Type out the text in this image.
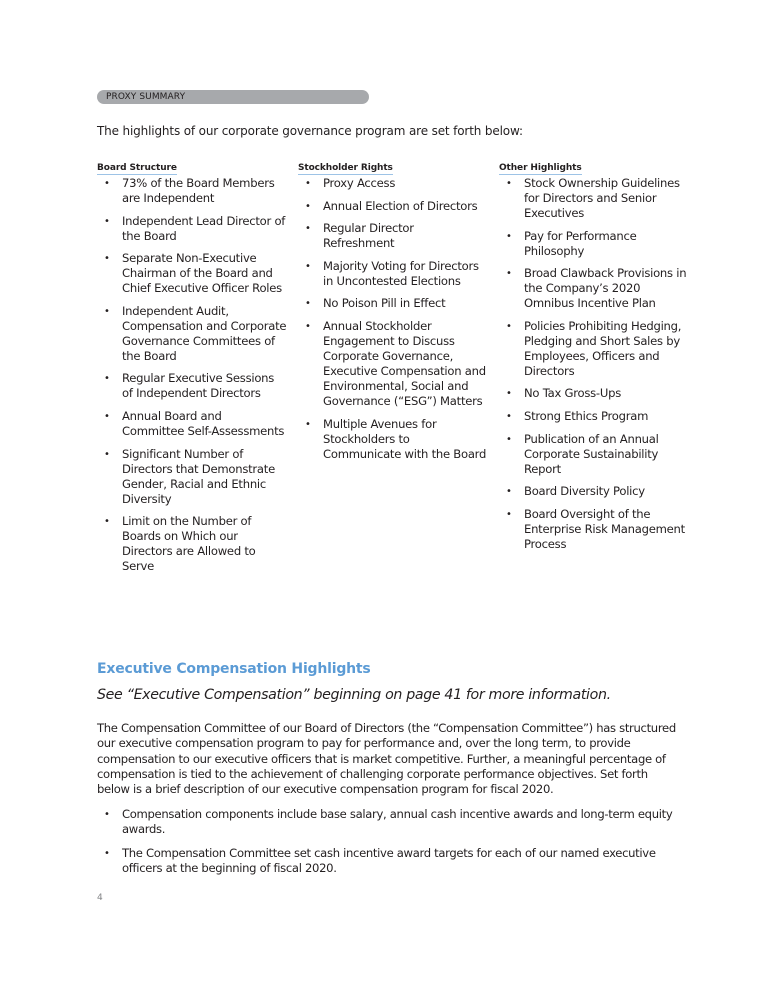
PROXY SUMMARY

The highlights of our corporate governance program are set forth below:

Board Structure
• 73% of the Board Members are Independent
• Independent Lead Director of the Board
• Separate Non-Executive Chairman of the Board and Chief Executive Officer Roles
• Independent Audit, Compensation and Corporate Governance Committees of the Board
• Regular Executive Sessions of Independent Directors
• Annual Board and Committee Self-Assessments
• Significant Number of Directors that Demonstrate Gender, Racial and Ethnic Diversity
• Limit on the Number of Boards on Which our Directors are Allowed to Serve
Stockholder Rights
• Proxy Access
• Annual Election of Directors
• Regular Director Refreshment
• Majority Voting for Directors in Uncontested Elections
• No Poison Pill in Effect
• Annual Stockholder Engagement to Discuss Corporate Governance, Executive Compensation and Environmental, Social and Governance (“ESG”) Matters
• Multiple Avenues for Stockholders to Communicate with the Board
Other Highlights
• Stock Ownership Guidelines for Directors and Senior Executives
• Pay for Performance Philosophy
• Broad Clawback Provisions in the Company’s 2020 Omnibus Incentive Plan
• Policies Prohibiting Hedging, Pledging and Short Sales by Employees, Officers and Directors
• No Tax Gross-Ups
• Strong Ethics Program
• Publication of an Annual Corporate Sustainability Report
• Board Diversity Policy
• Board Oversight of the Enterprise Risk Management Process
Executive Compensation Highlights

See “Executive Compensation” beginning on page 41 for more information.

The Compensation Committee of our Board of Directors (the “Compensation Committee”) has structured our executive compensation program to pay for performance and, over the long term, to provide compensation to our executive officers that is market competitive. Further, a meaningful percentage of compensation is tied to the achievement of challenging corporate performance objectives. Set forth below is a brief description of our executive compensation program for fiscal 2020.

• Compensation components include base salary, annual cash incentive awards and long-term equity awards.
• The Compensation Committee set cash incentive award targets for each of our named executive officers at the beginning of fiscal 2020.
4
